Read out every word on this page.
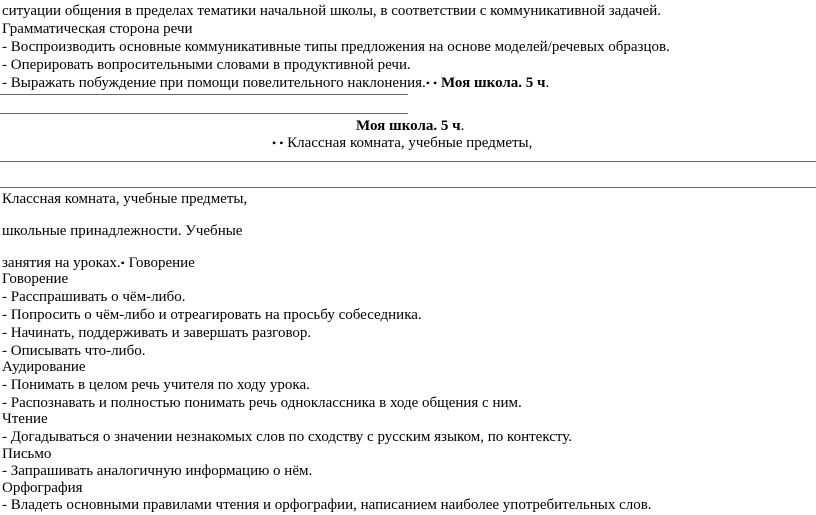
ситуации общения в пределах тематики начальной школы, в соответствии с коммуникативной задачей.
Грамматическая сторона речи
- Воспроизводить основные коммуникативные типы предложения на основе моделей/речевых образцов.
- Оперировать вопросительными словами в продуктивной речи.
- Выражать побуждение при помощи повелительного наклонения.• • Моя школа. 5 ч.
Моя школа. 5 ч.
• • Классная комната, учебные предметы,
Классная комната, учебные предметы,
школьные принадлежности. Учебные
занятия на уроках.• Говорение
Говорение
- Расспрашивать о чём-либо.
- Попросить о чём-либо и отреагировать на просьбу собеседника.
- Начинать, поддерживать и завершать разговор.
- Описывать что-либо.
Аудирование
- Понимать в целом речь учителя по ходу урока.
- Распознавать и полностью понимать речь одноклассника в ходе общения с ним.
Чтение
- Догадываться о значении незнакомых слов по сходству с русским языком, по контексту.
Письмо
- Запрашивать аналогичную информацию о нём.
Орфография
- Владеть основными правилами чтения и орфографии, написанием наиболее употребительных слов.
